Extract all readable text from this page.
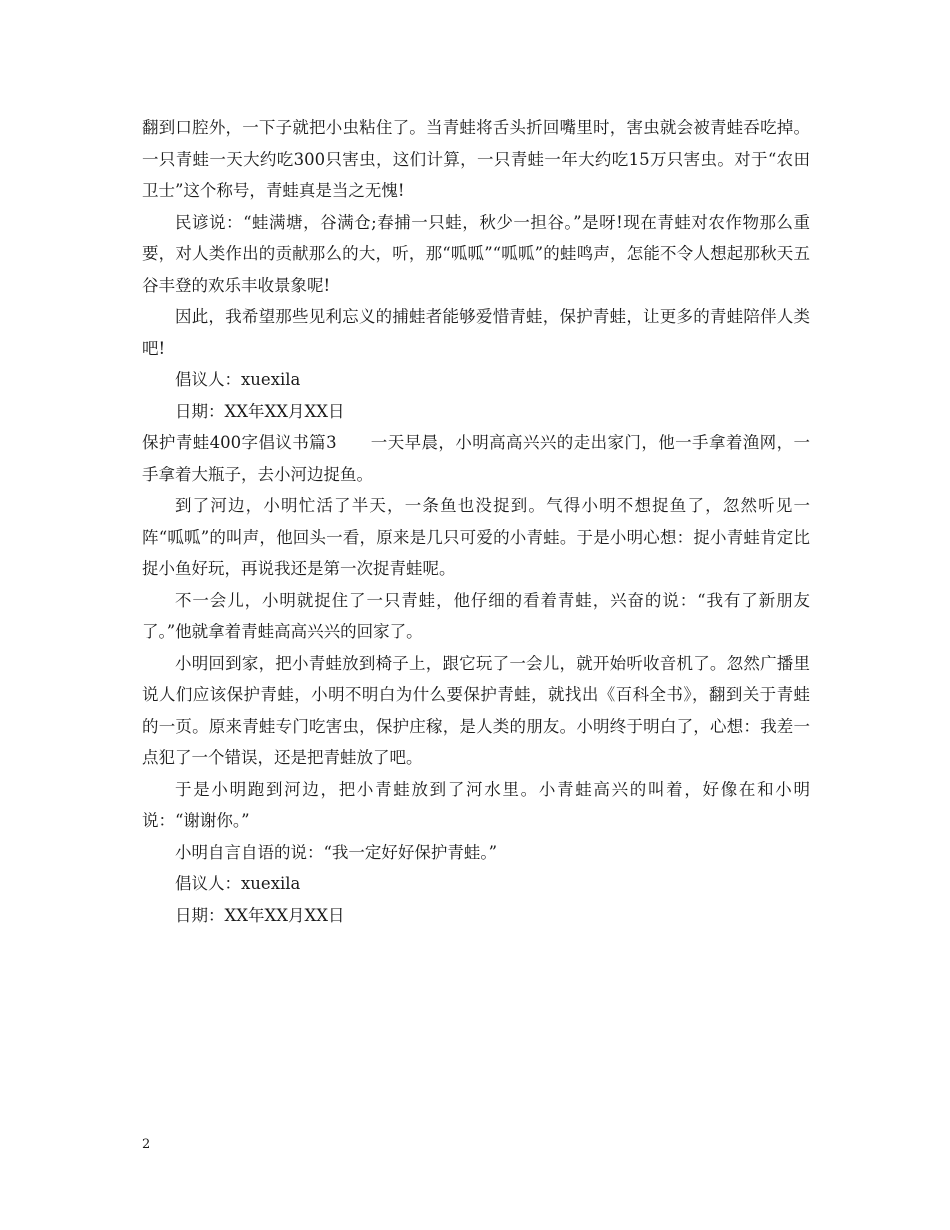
翻到口腔外，一下子就把小虫粘住了。当青蛙将舌头折回嘴里时，害虫就会被青蛙吞吃掉。一只青蛙一天大约吃300只害虫，这们计算，一只青蛙一年大约吃15万只害虫。对于“农田卫士”这个称号，青蛙真是当之无愧!

民谚说：“蛙满塘，谷满仓;春捕一只蛙，秋少一担谷。”是呀!现在青蛙对农作物那么重要，对人类作出的贡献那么的大，听，那“呱呱”“呱呱”的蛙鸣声，怎能不令人想起那秋天五谷丰登的欢乐丰收景象呢!

因此，我希望那些见利忘义的捕蛙者能够爱惜青蛙，保护青蛙，让更多的青蛙陪伴人类吧!

倡议人：xuexila

日期：XX年XX月XX日

保护青蛙400字倡议书篇3　　一天早晨，小明高高兴兴的走出家门，他一手拿着渔网，一手拿着大瓶子，去小河边捉鱼。

到了河边，小明忙活了半天，一条鱼也没捉到。气得小明不想捉鱼了，忽然听见一阵“呱呱”的叫声，他回头一看，原来是几只可爱的小青蛙。于是小明心想：捉小青蛙肯定比捉小鱼好玩，再说我还是第一次捉青蛙呢。

不一会儿，小明就捉住了一只青蛙，他仔细的看着青蛙，兴奋的说：“我有了新朋友了。”他就拿着青蛙高高兴兴的回家了。

小明回到家，把小青蛙放到椅子上，跟它玩了一会儿，就开始听收音机了。忽然广播里说人们应该保护青蛙，小明不明白为什么要保护青蛙，就找出《百科全书》，翻到关于青蛙的一页。原来青蛙专门吃害虫，保护庄稼，是人类的朋友。小明终于明白了，心想：我差一点犯了一个错误，还是把青蛙放了吧。

于是小明跑到河边，把小青蛙放到了河水里。小青蛙高兴的叫着，好像在和小明说：“谢谢你。”

小明自言自语的说：“我一定好好保护青蛙。”

倡议人：xuexila

日期：XX年XX月XX日

2
